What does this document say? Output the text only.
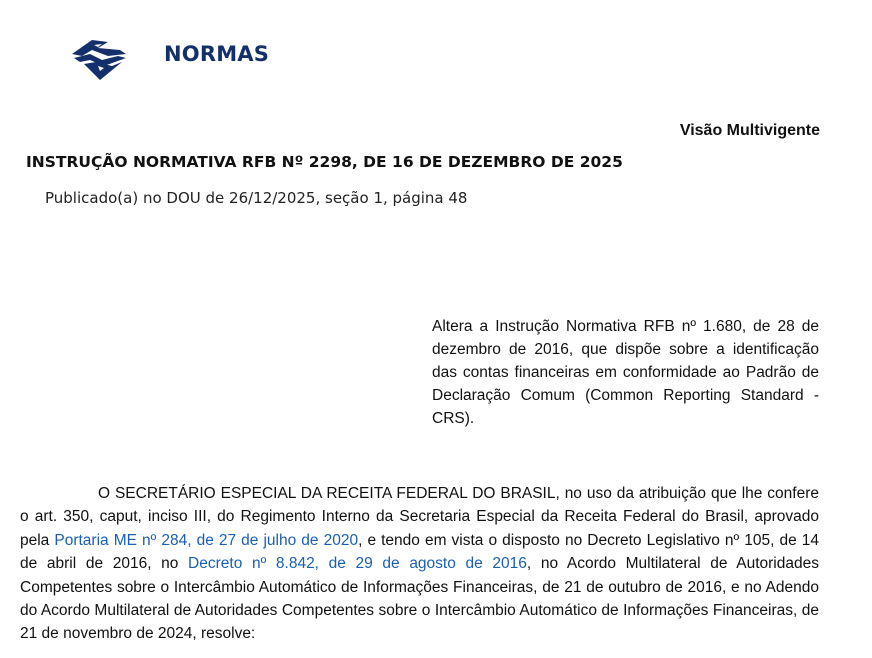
NORMAS
Visão Multivigente
INSTRUÇÃO NORMATIVA RFB Nº 2298, DE 16 DE DEZEMBRO DE 2025
Publicado(a) no DOU de 26/12/2025, seção 1, página 48
Altera a Instrução Normativa RFB nº 1.680, de 28 de dezembro de 2016, que dispõe sobre a identificação das contas financeiras em conformidade ao Padrão de Declaração Comum (Common Reporting Standard - CRS).
O SECRETÁRIO ESPECIAL DA RECEITA FEDERAL DO BRASIL, no uso da atribuição que lhe confere o art. 350, caput, inciso III, do Regimento Interno da Secretaria Especial da Receita Federal do Brasil, aprovado pela Portaria ME nº 284, de 27 de julho de 2020, e tendo em vista o disposto no Decreto Legislativo nº 105, de 14 de abril de 2016, no Decreto nº 8.842, de 29 de agosto de 2016, no Acordo Multilateral de Autoridades Competentes sobre o Intercâmbio Automático de Informações Financeiras, de 21 de outubro de 2016, e no Adendo do Acordo Multilateral de Autoridades Competentes sobre o Intercâmbio Automático de Informações Financeiras, de 21 de novembro de 2024, resolve:
